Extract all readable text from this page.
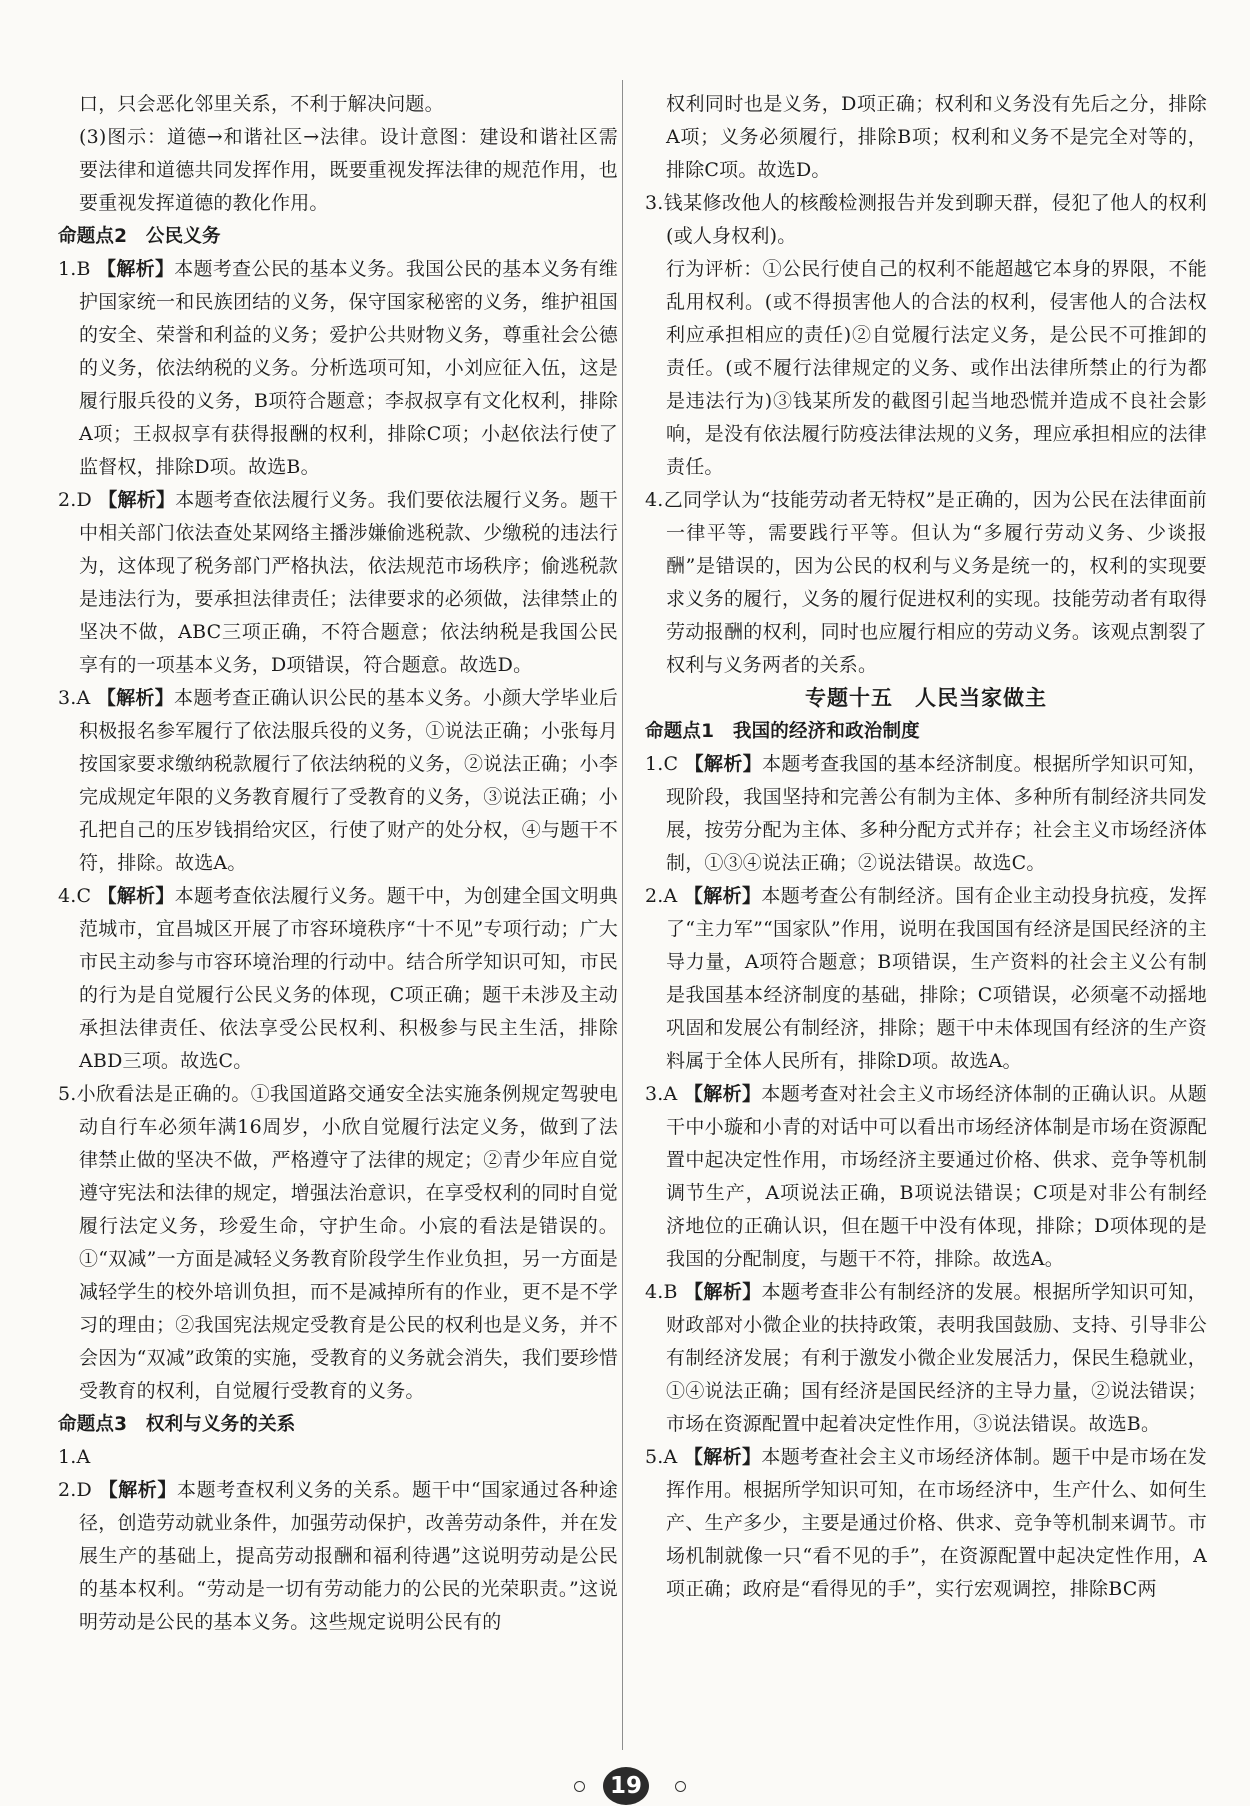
口，只会恶化邻里关系，不利于解决问题。

(3)图示：道德→和谐社区→法律。设计意图：建设和谐社区需要法律和道德共同发挥作用，既要重视发挥法律的规范作用，也要重视发挥道德的教化作用。

命题点2　公民义务

1.B 【解析】本题考查公民的基本义务。我国公民的基本义务有维护国家统一和民族团结的义务，保守国家秘密的义务，维护祖国的安全、荣誉和利益的义务；爱护公共财物义务，尊重社会公德的义务，依法纳税的义务。分析选项可知，小刘应征入伍，这是履行服兵役的义务，B项符合题意；李叔叔享有文化权利，排除A项；王叔叔享有获得报酬的权利，排除C项；小赵依法行使了监督权，排除D项。故选B。

2.D 【解析】本题考查依法履行义务。我们要依法履行义务。题干中相关部门依法查处某网络主播涉嫌偷逃税款、少缴税的违法行为，这体现了税务部门严格执法，依法规范市场秩序；偷逃税款是违法行为，要承担法律责任；法律要求的必须做，法律禁止的坚决不做，ABC三项正确，不符合题意；依法纳税是我国公民享有的一项基本义务，D项错误，符合题意。故选D。

3.A 【解析】本题考查正确认识公民的基本义务。小颜大学毕业后积极报名参军履行了依法服兵役的义务，①说法正确；小张每月按国家要求缴纳税款履行了依法纳税的义务，②说法正确；小李完成规定年限的义务教育履行了受教育的义务，③说法正确；小孔把自己的压岁钱捐给灾区，行使了财产的处分权，④与题干不符，排除。故选A。

4.C 【解析】本题考查依法履行义务。题干中，为创建全国文明典范城市，宜昌城区开展了市容环境秩序“十不见”专项行动；广大市民主动参与市容环境治理的行动中。结合所学知识可知，市民的行为是自觉履行公民义务的体现，C项正确；题干未涉及主动承担法律责任、依法享受公民权利、积极参与民主生活，排除ABD三项。故选C。

5.小欣看法是正确的。①我国道路交通安全法实施条例规定驾驶电动自行车必须年满16周岁，小欣自觉履行法定义务，做到了法律禁止做的坚决不做，严格遵守了法律的规定；②青少年应自觉遵守宪法和法律的规定，增强法治意识，在享受权利的同时自觉履行法定义务，珍爱生命，守护生命。小宸的看法是错误的。①“双减”一方面是减轻义务教育阶段学生作业负担，另一方面是减轻学生的校外培训负担，而不是减掉所有的作业，更不是不学习的理由；②我国宪法规定受教育是公民的权利也是义务，并不会因为“双减”政策的实施，受教育的义务就会消失，我们要珍惜受教育的权利，自觉履行受教育的义务。

命题点3　权利与义务的关系

1.A

2.D 【解析】本题考查权利义务的关系。题干中“国家通过各种途径，创造劳动就业条件，加强劳动保护，改善劳动条件，并在发展生产的基础上，提高劳动报酬和福利待遇”这说明劳动是公民的基本权利。“劳动是一切有劳动能力的公民的光荣职责。”这说明劳动是公民的基本义务。这些规定说明公民有的

权利同时也是义务，D项正确；权利和义务没有先后之分，排除A项；义务必须履行，排除B项；权利和义务不是完全对等的，排除C项。故选D。

3.钱某修改他人的核酸检测报告并发到聊天群，侵犯了他人的权利(或人身权利)。

行为评析：①公民行使自己的权利不能超越它本身的界限，不能乱用权利。(或不得损害他人的合法的权利，侵害他人的合法权利应承担相应的责任)②自觉履行法定义务，是公民不可推卸的责任。(或不履行法律规定的义务、或作出法律所禁止的行为都是违法行为)③钱某所发的截图引起当地恐慌并造成不良社会影响，是没有依法履行防疫法律法规的义务，理应承担相应的法律责任。

4.乙同学认为“技能劳动者无特权”是正确的，因为公民在法律面前一律平等，需要践行平等。但认为“多履行劳动义务、少谈报酬”是错误的，因为公民的权利与义务是统一的，权利的实现要求义务的履行，义务的履行促进权利的实现。技能劳动者有取得劳动报酬的权利，同时也应履行相应的劳动义务。该观点割裂了权利与义务两者的关系。

专题十五　人民当家做主

命题点1　我国的经济和政治制度

1.C 【解析】本题考查我国的基本经济制度。根据所学知识可知，现阶段，我国坚持和完善公有制为主体、多种所有制经济共同发展，按劳分配为主体、多种分配方式并存；社会主义市场经济体制，①③④说法正确；②说法错误。故选C。

2.A 【解析】本题考查公有制经济。国有企业主动投身抗疫，发挥了“主力军”“国家队”作用，说明在我国国有经济是国民经济的主导力量，A项符合题意；B项错误，生产资料的社会主义公有制是我国基本经济制度的基础，排除；C项错误，必须毫不动摇地巩固和发展公有制经济，排除；题干中未体现国有经济的生产资料属于全体人民所有，排除D项。故选A。

3.A 【解析】本题考查对社会主义市场经济体制的正确认识。从题干中小璇和小青的对话中可以看出市场经济体制是市场在资源配置中起决定性作用，市场经济主要通过价格、供求、竞争等机制调节生产，A项说法正确，B项说法错误；C项是对非公有制经济地位的正确认识，但在题干中没有体现，排除；D项体现的是我国的分配制度，与题干不符，排除。故选A。

4.B 【解析】本题考查非公有制经济的发展。根据所学知识可知，财政部对小微企业的扶持政策，表明我国鼓励、支持、引导非公有制经济发展；有利于激发小微企业发展活力，保民生稳就业，①④说法正确；国有经济是国民经济的主导力量，②说法错误；市场在资源配置中起着决定性作用，③说法错误。故选B。

5.A 【解析】本题考查社会主义市场经济体制。题干中是市场在发挥作用。根据所学知识可知，在市场经济中，生产什么、如何生产、生产多少，主要是通过价格、供求、竞争等机制来调节。市场机制就像一只“看不见的手”，在资源配置中起决定性作用，A项正确；政府是“看得见的手”，实行宏观调控，排除BC两

19
